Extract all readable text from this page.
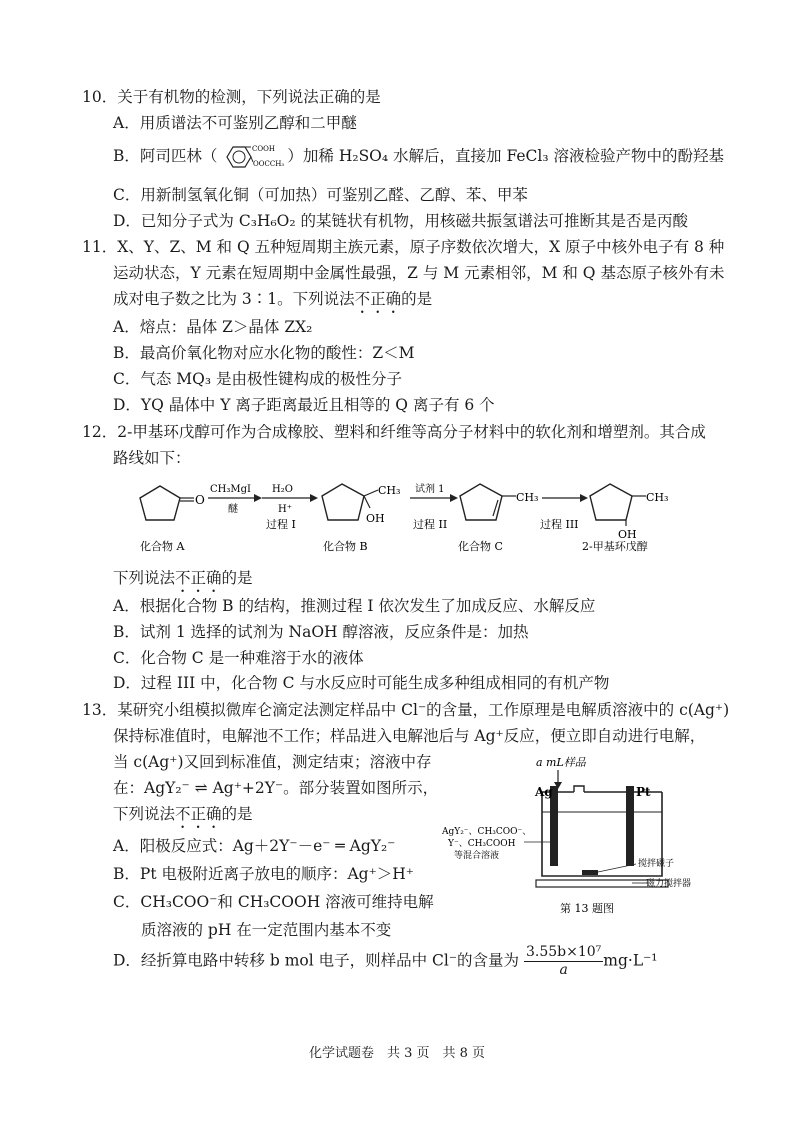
10．关于有机物的检测，下列说法正确的是
A．用质谱法不可鉴别乙醇和二甲醚
B．阿司匹林（	COOH
OOCCH₃ ）加稀 H₂SO₄ 水解后，直接加 FeCl₃ 溶液检验产物中的酚羟基
C．用新制氢氧化铜（可加热）可鉴别乙醛、乙醇、苯、甲苯
D．已知分子式为 C₃H₆O₂ 的某链状有机物，用核磁共振氢谱法可推断其是否是丙酸
11．X、Y、Z、M 和 Q 五种短周期主族元素，原子序数依次增大，X 原子中核外电子有 8 种
运动状态，Y 元素在短周期中金属性最强，Z 与 M 元素相邻，M 和 Q 基态原子核外有未
成对电子数之比为 3∶1。下列说法不正确的是
A．熔点：晶体 Z＞晶体 ZX₂
B．最高价氧化物对应水化物的酸性：Z＜M
C．气态 MQ₃ 是由极性键构成的极性分子
D．YQ 晶体中 Y 离子距离最近且相等的 Q 离子有 6 个
12．2-甲基环戊醇可作为合成橡胶、塑料和纤维等高分子材料中的软化剂和增塑剂。其合成
路线如下：
O
CH₃MgI
醚
H₂O
H⁺
过程 I
CH₃
OH
试剂 1
过程 II
CH₃
过程 III
CH₃
OH
化合物 A	化合物 B	化合物 C	2-甲基环戊醇
下列说法不正确的是
A．根据化合物 B 的结构，推测过程 I 依次发生了加成反应、水解反应
B．试剂 1 选择的试剂为 NaOH 醇溶液，反应条件是：加热
C．化合物 C 是一种难溶于水的液体
D．过程 III 中，化合物 C 与水反应时可能生成多种组成相同的有机产物
13．某研究小组模拟微库仑滴定法测定样品中 Cl⁻的含量，工作原理是电解质溶液中的 c(Ag⁺)
保持标准值时，电解池不工作；样品进入电解池后与 Ag⁺反应，便立即自动进行电解，
当 c(Ag⁺)又回到标准值，测定结束；溶液中存
在：AgY₂⁻ ⇌ Ag⁺+2Y⁻。部分装置如图所示，
下列说法不正确的是
A．阳极反应式：Ag＋2Y⁻－e⁻ ═ AgY₂⁻
B．Pt 电极附近离子放电的顺序：Ag⁺＞H⁺
C．CH₃COO⁻和 CH₃COOH 溶液可维持电解
质溶液的 pH 在一定范围内基本不变
D．经折算电路中转移 b mol 电子，则样品中 Cl⁻的含量为 $\frac{\text{3.55b×10⁷}}{a} mg\cdot L^{-1}$
a mL样品
Ag	Pt
搅拌磁子
磁力搅拌器
AgY₂⁻、CH₃COO⁻、
Y⁻、CH₃COOH
等混合溶液
第 13 题图
化学试题卷　共 3 页　共 8 页
